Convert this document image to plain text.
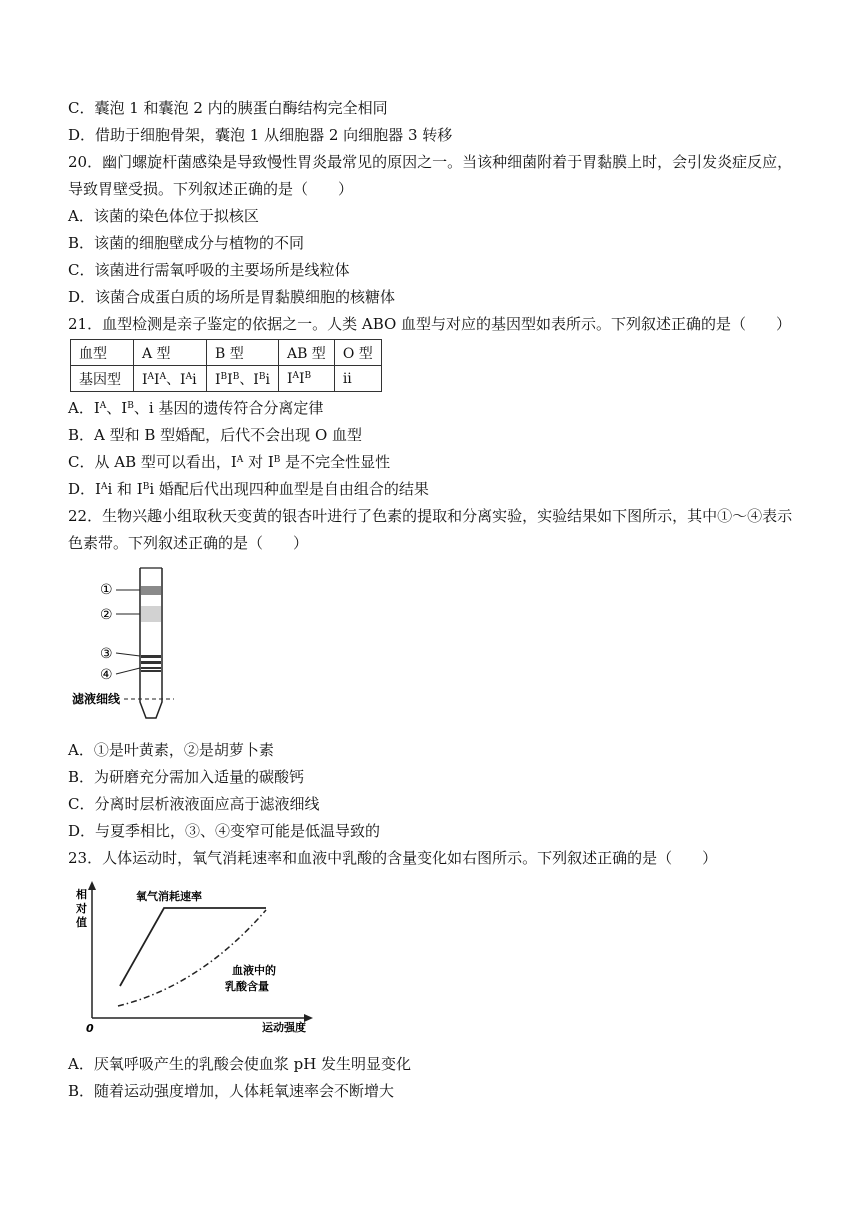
C．囊泡 1 和囊泡 2 内的胰蛋白酶结构完全相同
D．借助于细胞骨架，囊泡 1 从细胞器 2 向细胞器 3 转移
20．幽门螺旋杆菌感染是导致慢性胃炎最常见的原因之一。当该种细菌附着于胃黏膜上时，会引发炎症反应，
导致胃壁受损。下列叙述正确的是（　　）
A．该菌的染色体位于拟核区
B．该菌的细胞壁成分与植物的不同
C．该菌进行需氧呼吸的主要场所是线粒体
D．该菌合成蛋白质的场所是胃黏膜细胞的核糖体
21．血型检测是亲子鉴定的依据之一。人类 ABO 血型与对应的基因型如表所示。下列叙述正确的是（　　）
血型	A 型	B 型	AB 型	O 型
基因型	$I^AI^A$、$I^Ai$	$I^BI^B$、$I^Bi$	$I^AI^B$	ii
A．$I^A$、$I^B$、i 基因的遗传符合分离定律
B．A 型和 B 型婚配，后代不会出现 O 血型
C．从 AB 型可以看出，$I^A$ 对 $I^B$ 是不完全性显性
D．$I^Ai$ 和 $I^Bi$ 婚配后代出现四种血型是自由组合的结果
22．生物兴趣小组取秋天变黄的银杏叶进行了色素的提取和分离实验，实验结果如下图所示，其中①～④表示
色素带。下列叙述正确的是（　　）
①
②
③
④
滤液细线
A．①是叶黄素，②是胡萝卜素
B．为研磨充分需加入适量的碳酸钙
C．分离时层析液液面应高于滤液细线
D．与夏季相比，③、④变窄可能是低温导致的
23．人体运动时，氧气消耗速率和血液中乳酸的含量变化如右图所示。下列叙述正确的是（　　）
相
对
值
0	运动强度
氧气消耗速率
血液中的
乳酸含量
A．厌氧呼吸产生的乳酸会使血浆 pH 发生明显变化
B．随着运动强度增加，人体耗氧速率会不断增大
